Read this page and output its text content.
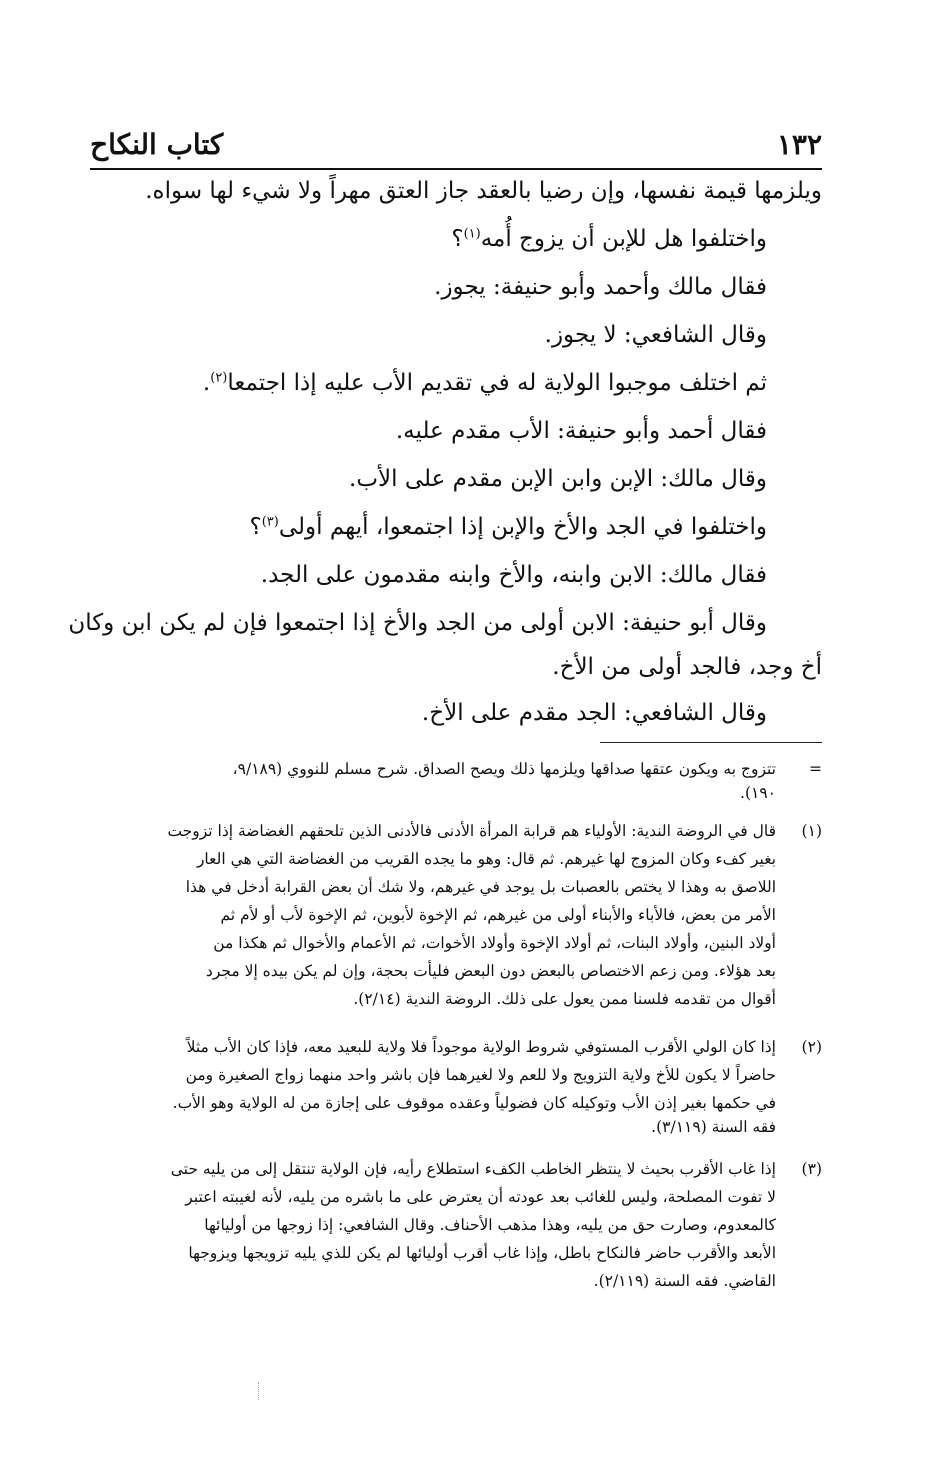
١٣٢
كتاب النكاح
ويلزمها قيمة نفسها، وإن رضيا بالعقد جاز العتق مهراً ولا شيء لها سواه.
واختلفوا هل للإبن أن يزوج أُمه$^{(١)}$؟
فقال مالك وأحمد وأبو حنيفة: يجوز.
وقال الشافعي: لا يجوز.
ثم اختلف موجبوا الولاية له في تقديم الأب عليه إذا اجتمعا$^{(٢)}$.
فقال أحمد وأبو حنيفة: الأب مقدم عليه.
وقال مالك: الإبن وابن الإبن مقدم على الأب.
واختلفوا في الجد والأخ والإبن إذا اجتمعوا، أيهم أولى$^{(٣)}$؟
فقال مالك: الابن وابنه، والأخ وابنه مقدمون على الجد.
وقال أبو حنيفة: الابن أولى من الجد والأخ إذا اجتمعوا فإن لم يكن ابن وكان
أخ وجد، فالجد أولى من الأخ.
وقال الشافعي: الجد مقدم على الأخ.
=
تتزوج به ويكون عتقها صداقها ويلزمها ذلك ويصح الصداق. شرح مسلم للنووي (٩/١٨٩،
١٩٠).
(١)
قال في الروضة الندية: الأولياء هم قرابة المرأة الأدنى فالأدنى الذين تلحقهم الغضاضة إذا تزوجت
بغير كفء وكان المزوج لها غيرهم. ثم قال: وهو ما يجده القريب من الغضاضة التي هي العار
اللاصق به وهذا لا يختص بالعصبات بل يوجد في غيرهم، ولا شك أن بعض القرابة أدخل في هذا
الأمر من بعض، فالأباء والأبناء أولى من غيرهم، ثم الإخوة لأبوين، ثم الإخوة لأب أو لأم ثم
أولاد البنين، وأولاد البنات، ثم أولاد الإخوة وأولاد الأخوات، ثم الأعمام والأخوال ثم هكذا من
بعد هؤلاء. ومن زعم الاختصاص بالبعض دون البعض فليأت بحجة، وإن لم يكن بيده إلا مجرد
أقوال من تقدمه فلسنا ممن يعول على ذلك. الروضة الندية (٢/١٤).
(٢)
إذا كان الولي الأقرب المستوفي شروط الولاية موجوداً فلا ولاية للبعيد معه، فإذا كان الأب مثلاً
حاضراً لا يكون للأخ ولاية التزويج ولا للعم ولا لغيرهما فإن باشر واحد منهما زواج الصغيرة ومن
في حكمها بغير إذن الأب وتوكيله كان فضولياً وعقده موقوف على إجازة من له الولاية وهو الأب.
فقه السنة (٣/١١٩).
(٣)
إذا غاب الأقرب بحيث لا ينتظر الخاطب الكفء استطلاع رأيه، فإن الولاية تنتقل إلى من يليه حتى
لا تفوت المصلحة، وليس للغائب بعد عودته أن يعترض على ما باشره من يليه، لأنه لغيبته اعتبر
كالمعدوم، وصارت حق من يليه، وهذا مذهب الأحناف. وقال الشافعي: إذا زوجها من أوليائها
الأبعد والأقرب حاضر فالنكاح باطل، وإذا غاب أقرب أوليائها لم يكن للذي يليه تزويجها ويزوجها
القاضي. فقه السنة (٢/١١٩).
